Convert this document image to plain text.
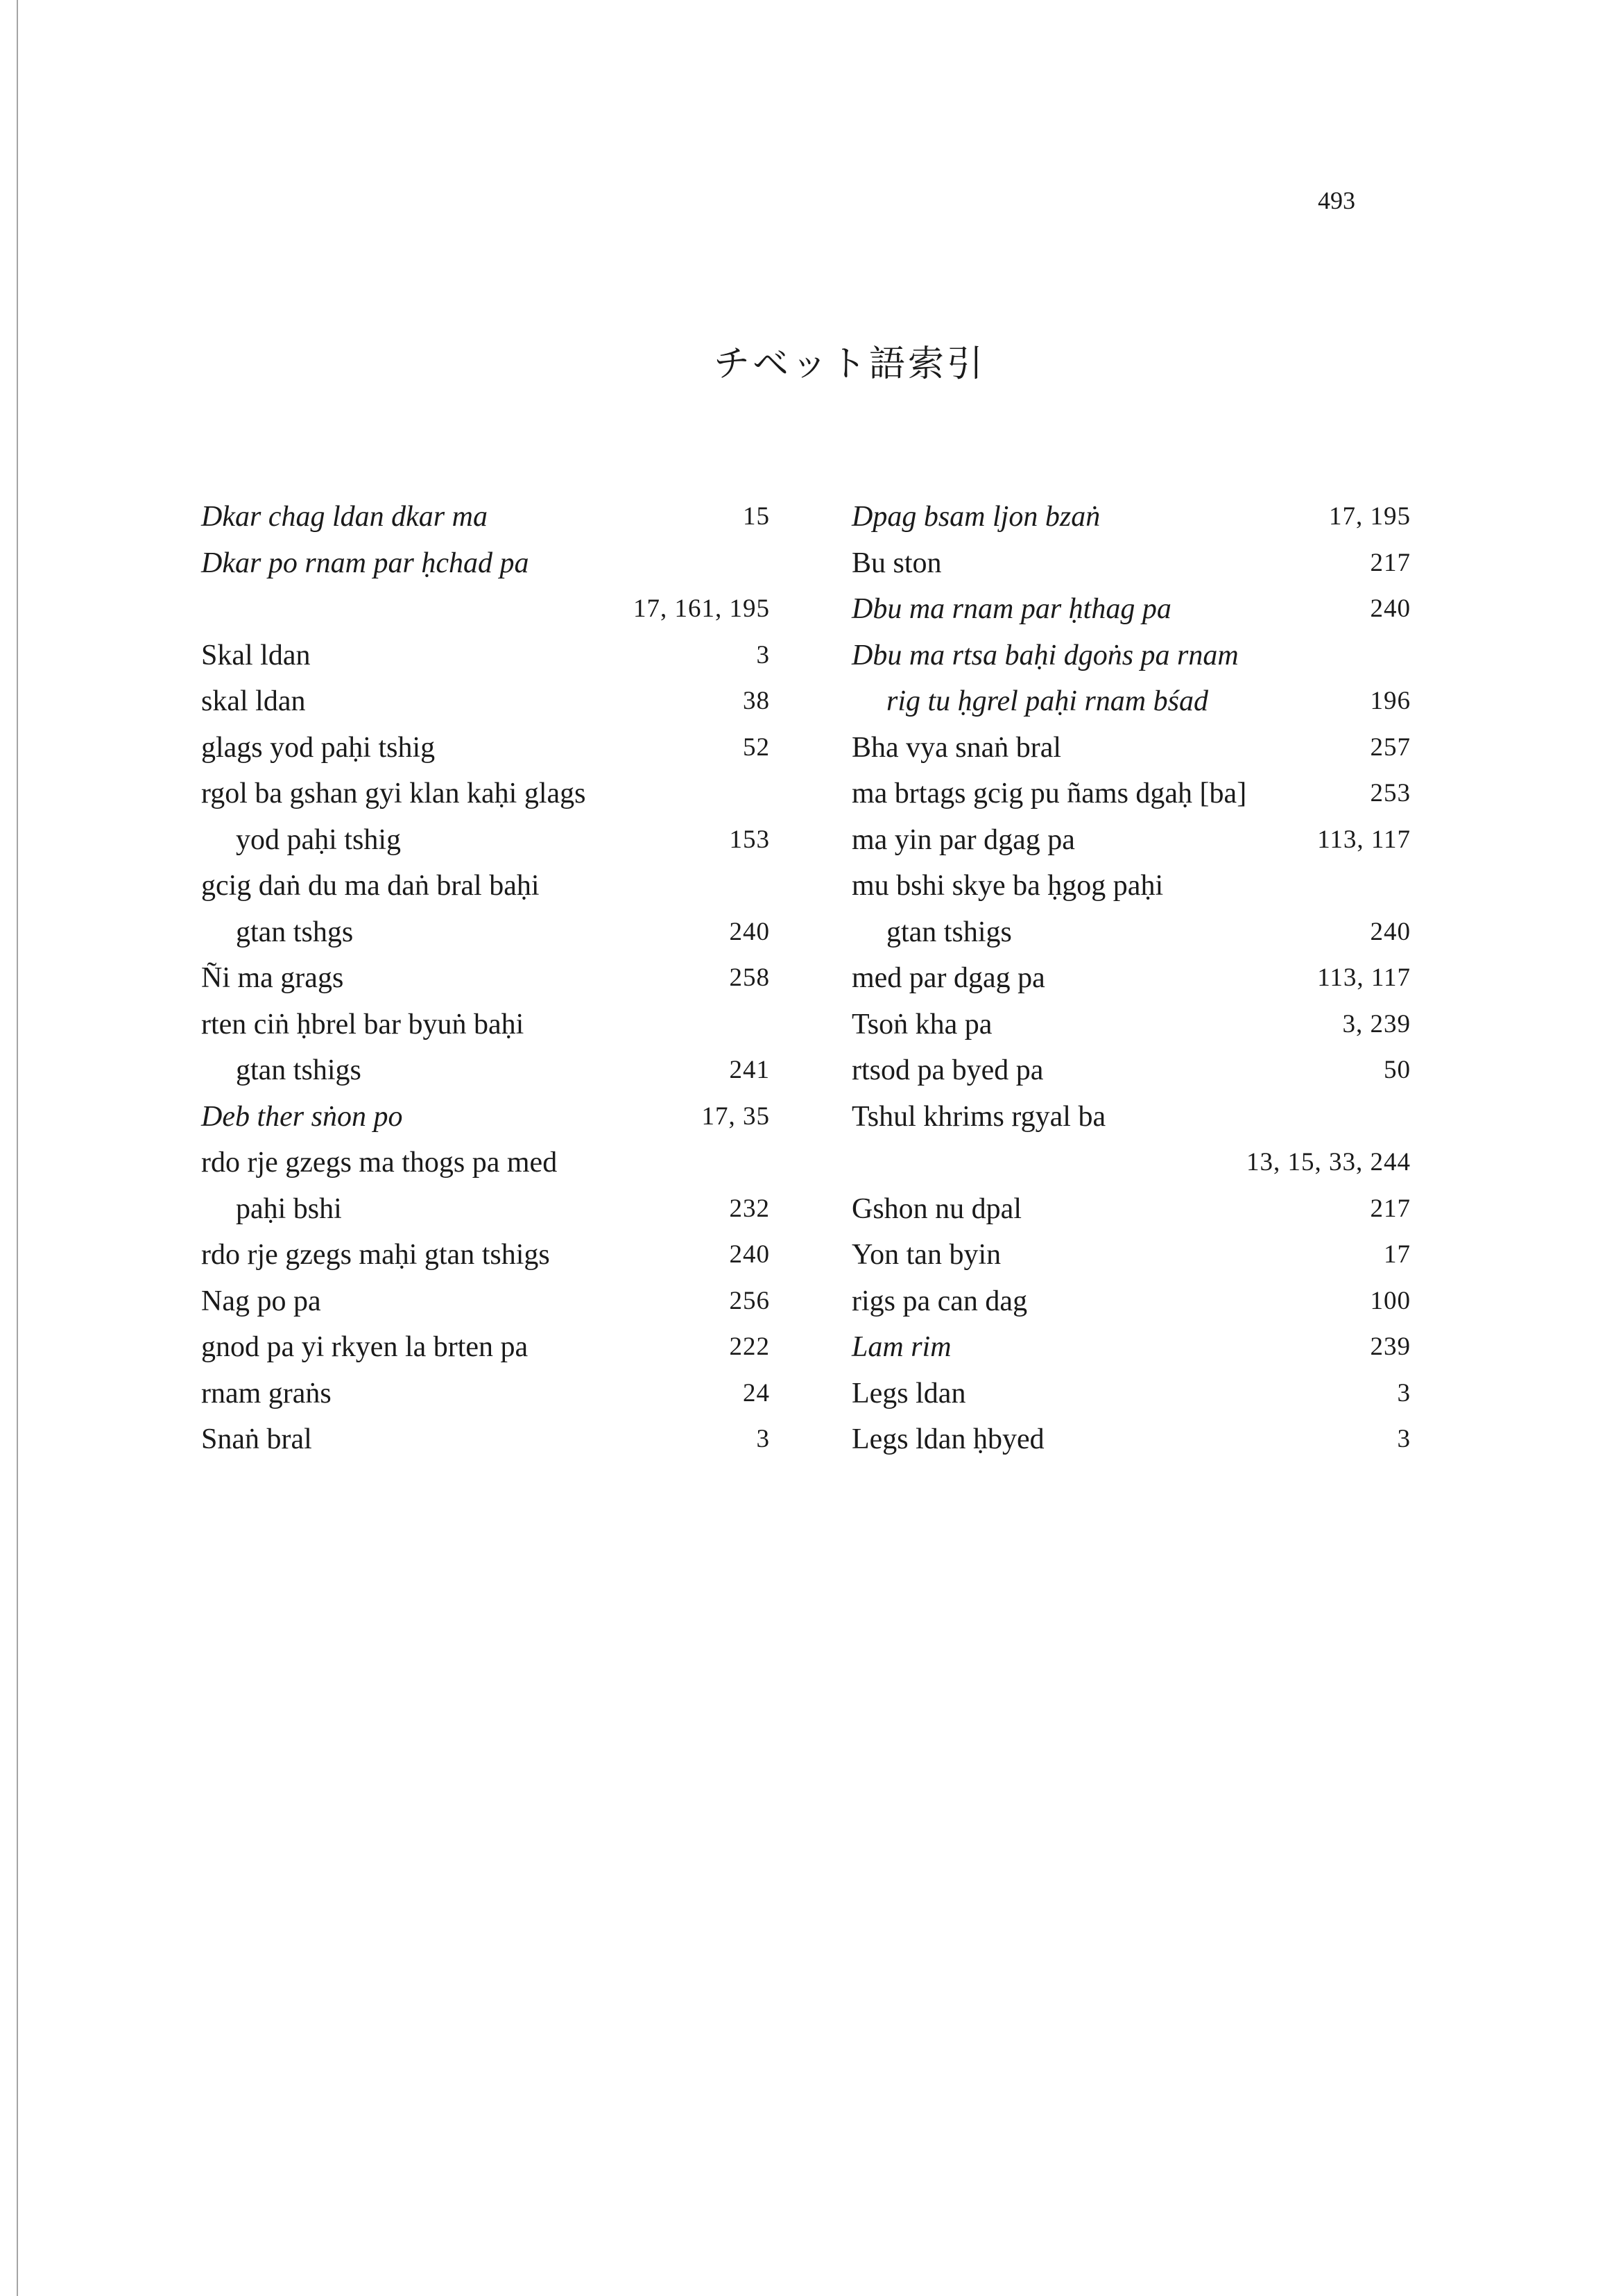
493
チベット語索引
Dkar chag ldan dkar ma	15
Dkar po rnam par ḥchad pa
17, 161, 195
Skal ldan	3
skal ldan	38
glags yod paḥi tshig	52
rgol ba gshan gyi klan kaḥi glags
yod paḥi tshig	153
gcig daṅ du ma daṅ bral baḥi
gtan tshgs	240
Ñi ma grags	258
rten ciṅ ḥbrel bar byuṅ baḥi
gtan tshigs	241
Deb ther sṅon po	17, 35
rdo rje gzegs ma thogs pa med
paḥi bshi	232
rdo rje gzegs maḥi gtan tshigs	240
Nag po pa	256
gnod pa yi rkyen la brten pa	222
rnam graṅs	24
Snaṅ bral	3
Dpag bsam ljon bzaṅ	17, 195
Bu ston	217
Dbu ma rnam par ḥthag pa	240
Dbu ma rtsa baḥi dgoṅs pa rnam
rig tu ḥgrel paḥi rnam bśad	196
Bha vya snaṅ bral	257
ma brtags gcig pu ñams dgaḥ [ba]	253
ma yin par dgag pa	113, 117
mu bshi skye ba ḥgog paḥi
gtan tshigs	240
med par dgag pa	113, 117
Tsoṅ kha pa	3, 239
rtsod pa byed pa	50
Tshul khrims rgyal ba
13, 15, 33, 244
Gshon nu dpal	217
Yon tan byin	17
rigs pa can dag	100
Lam rim	239
Legs ldan	3
Legs ldan ḥbyed	3
